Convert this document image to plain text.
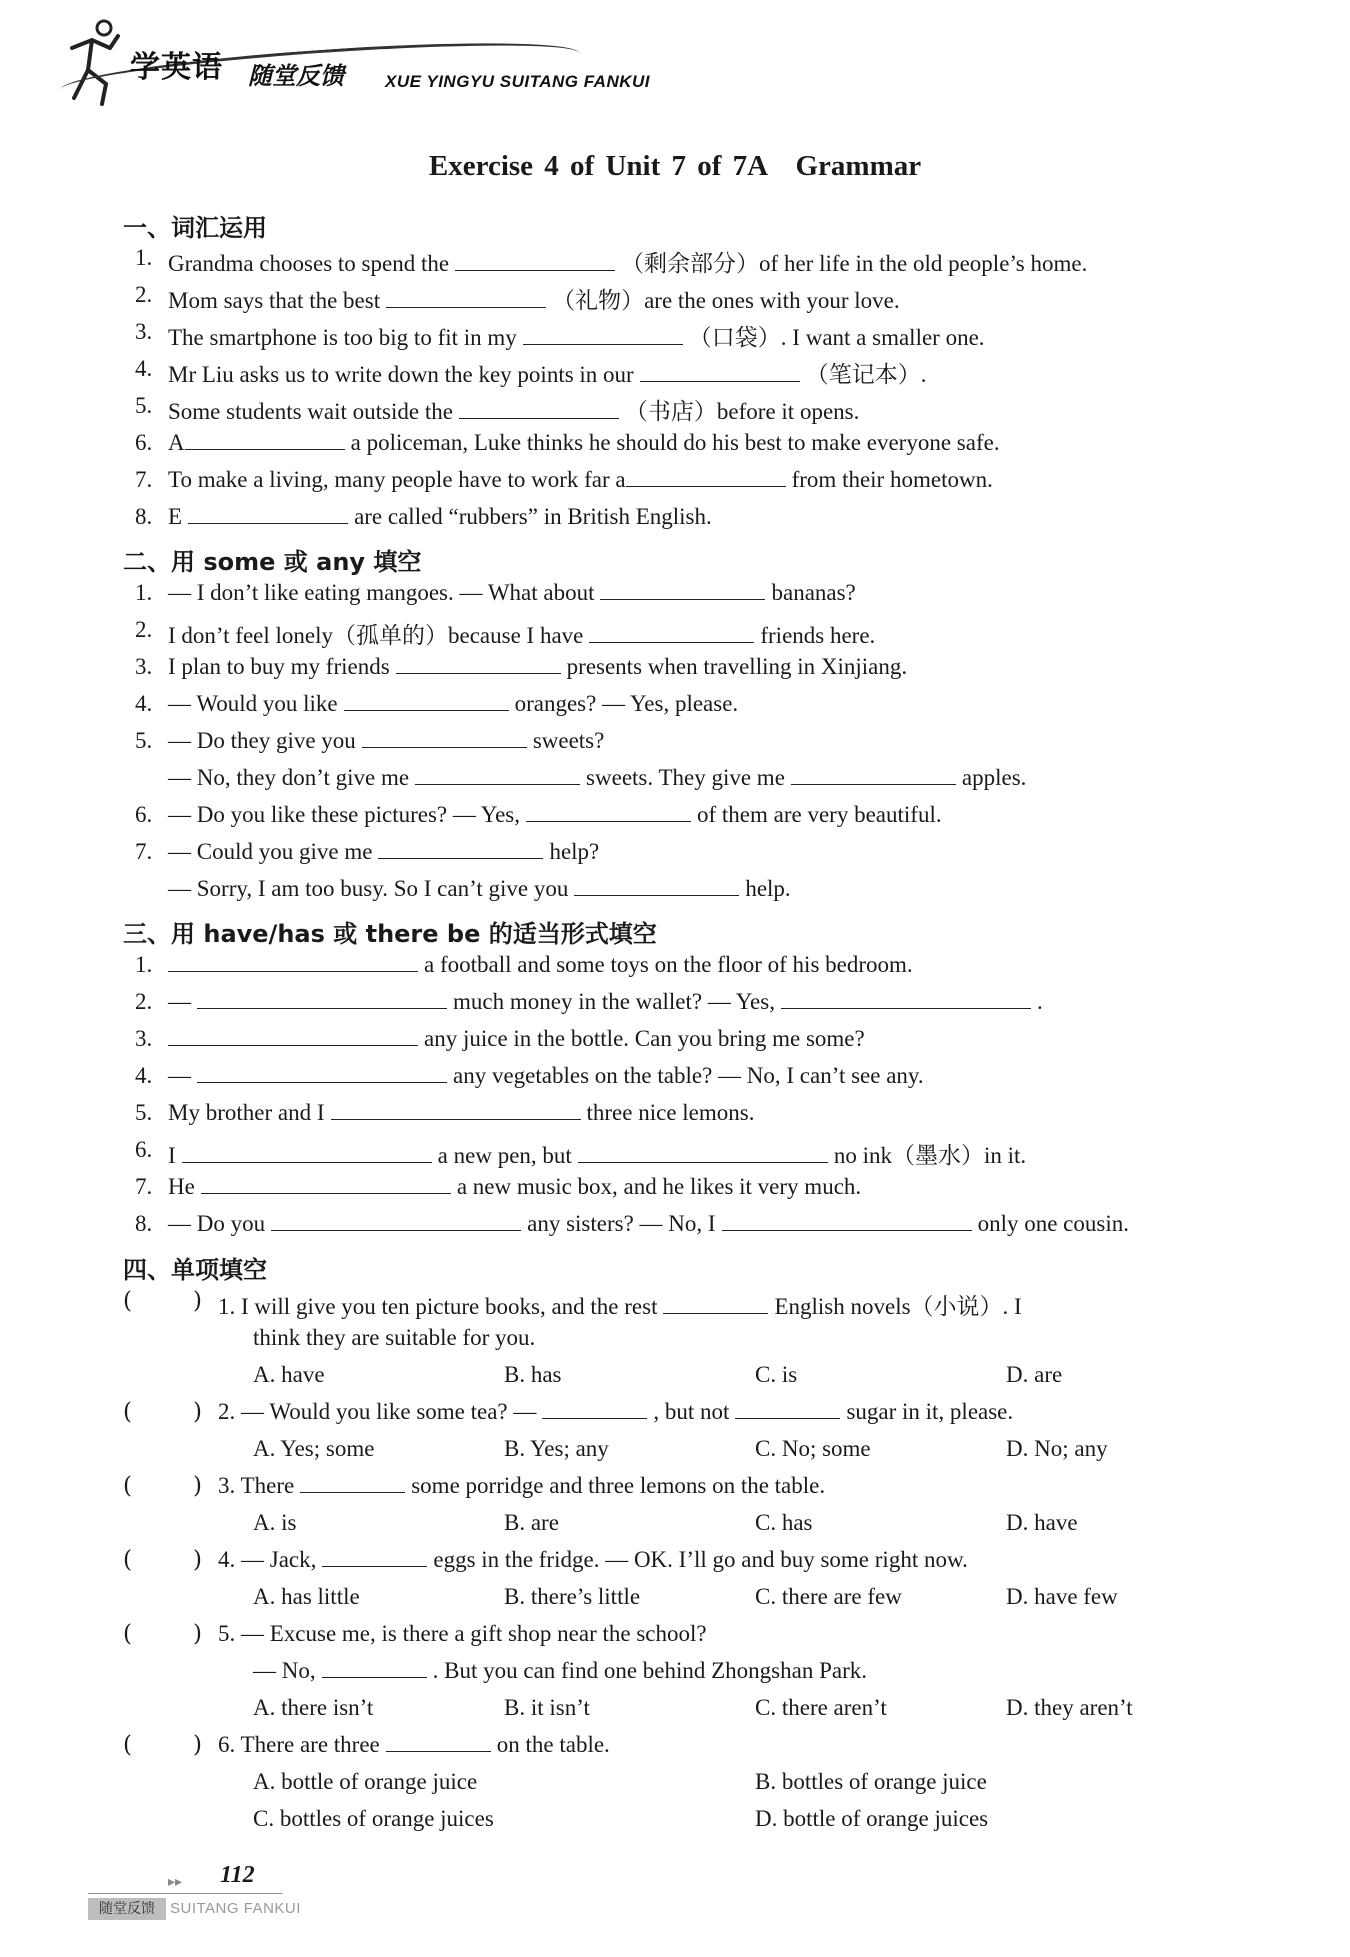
学英语 随堂反馈 XUE YINGYU SUITANG FANKUI
Exercise 4 of Unit 7 of 7A　Grammar
一、词汇运用
1. Grandma chooses to spend the	（剩余部分）of her life in the old people’s home.
2. Mom says that the best	（礼物）are the ones with your love.
3. The smartphone is too big to fit in my	（口袋）. I want a smaller one.
4. Mr Liu asks us to write down the key points in our	（笔记本）.
5. Some students wait outside the	（书店）before it opens.
6. A	a policeman, Luke thinks he should do his best to make everyone safe.
7. To make a living, many people have to work far a	from their hometown.
8. E	are called “rubbers” in British English.
二、用 some 或 any 填空
1. — I don’t like eating mangoes. — What about	bananas?
2. I don’t feel lonely（孤单的）because I have	friends here.
3. I plan to buy my friends	presents when travelling in Xinjiang.
4. — Would you like	oranges? — Yes, please.
5. — Do they give you	sweets?
— No, they don’t give me	sweets. They give me	apples.
6. — Do you like these pictures? — Yes,	of them are very beautiful.
7. — Could you give me	help?
— Sorry, I am too busy. So I can’t give you	help.
三、用 have/has 或 there be 的适当形式填空
1.	a football and some toys on the floor of his bedroom.
2. —	much money in the wallet? — Yes,	.
3.	any juice in the bottle. Can you bring me some?
4. —	any vegetables on the table? — No, I can’t see any.
5. My brother and I	three nice lemons.
6. I	a new pen, but	no ink（墨水）in it.
7. He	a new music box, and he likes it very much.
8. — Do you	any sisters? — No, I	only one cousin.
四、单项填空
(	) 1. I will give you ten picture books, and the rest	English novels（小说）. I
think they are suitable for you.
A. have	B. has	C. is	D. are
(	) 2. — Would you like some tea? —	, but not	sugar in it, please.
A. Yes; some	B. Yes; any	C. No; some	D. No; any
(	) 3. There	some porridge and three lemons on the table.
A. is	B. are	C. has	D. have
(	) 4. — Jack,	eggs in the fridge. — OK. I’ll go and buy some right now.
A. has little	B. there’s little	C. there are few	D. have few
(	) 5. — Excuse me, is there a gift shop near the school?
— No,	. But you can find one behind Zhongshan Park.
A. there isn’t	B. it isn’t	C. there aren’t	D. they aren’t
(	) 6. There are three	on the table.
A. bottle of orange juice	B. bottles of orange juice
C. bottles of orange juices	D. bottle of orange juices
▸▸ 112
随堂反馈	SUITANG FANKUI
